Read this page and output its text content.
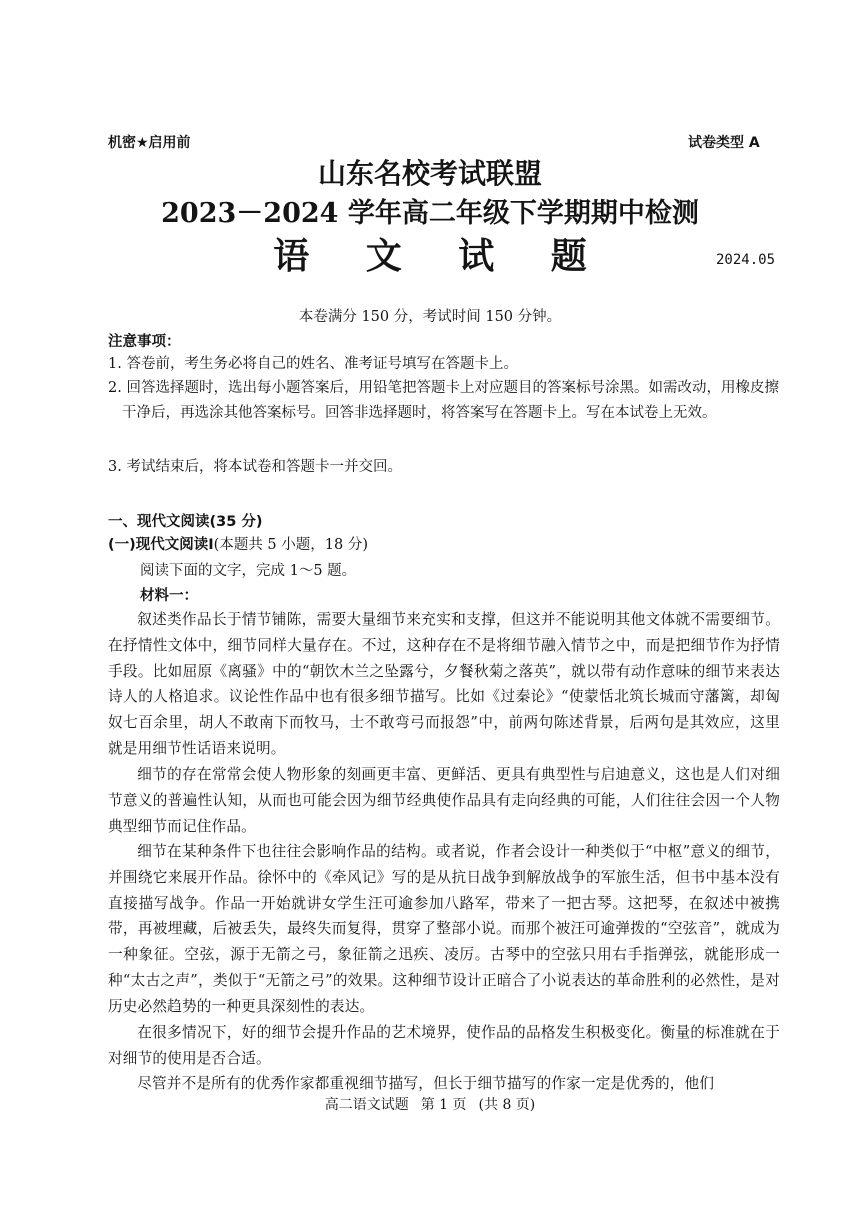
机密★启用前	试卷类型 A
山东名校考试联盟
2023－2024 学年高二年级下学期期中检测
语 文 试 题	2024.05
本卷满分 150 分，考试时间 150 分钟。
注意事项：
1. 答卷前，考生务必将自己的姓名、准考证号填写在答题卡上。
2. 回答选择题时，选出每小题答案后，用铅笔把答题卡上对应题目的答案标号涂黑。如需改动，用橡皮擦干净后，再选涂其他答案标号。回答非选择题时，将答案写在答题卡上。写在本试卷上无效。
3. 考试结束后，将本试卷和答题卡一并交回。
一、现代文阅读(35 分)
(一)现代文阅读Ⅰ(本题共 5 小题，18 分)
阅读下面的文字，完成 1～5 题。
材料一：
叙述类作品长于情节铺陈，需要大量细节来充实和支撑，但这并不能说明其他文体就不需要细节。在抒情性文体中，细节同样大量存在。不过，这种存在不是将细节融入情节之中，而是把细节作为抒情手段。比如屈原《离骚》中的“朝饮木兰之坠露兮，夕餐秋菊之落英”，就以带有动作意味的细节来表达诗人的人格追求。议论性作品中也有很多细节描写。比如《过秦论》“使蒙恬北筑长城而守藩篱，却匈奴七百余里，胡人不敢南下而牧马，士不敢弯弓而报怨”中，前两句陈述背景，后两句是其效应，这里就是用细节性话语来说明。
细节的存在常常会使人物形象的刻画更丰富、更鲜活、更具有典型性与启迪意义，这也是人们对细节意义的普遍性认知，从而也可能会因为细节经典使作品具有走向经典的可能，人们往往会因一个人物典型细节而记住作品。
细节在某种条件下也往往会影响作品的结构。或者说，作者会设计一种类似于“中枢”意义的细节，并围绕它来展开作品。徐怀中的《牵风记》写的是从抗日战争到解放战争的军旅生活，但书中基本没有直接描写战争。作品一开始就讲女学生汪可逾参加八路军，带来了一把古琴。这把琴，在叙述中被携带，再被埋藏，后被丢失，最终失而复得，贯穿了整部小说。而那个被汪可逾弹拨的“空弦音”，就成为一种象征。空弦，源于无箭之弓，象征箭之迅疾、凌厉。古琴中的空弦只用右手指弹弦，就能形成一种“太古之声”，类似于“无箭之弓”的效果。这种细节设计正暗合了小说表达的革命胜利的必然性，是对历史必然趋势的一种更具深刻性的表达。
在很多情况下，好的细节会提升作品的艺术境界，使作品的品格发生积极变化。衡量的标准就在于对细节的使用是否合适。
尽管并不是所有的优秀作家都重视细节描写，但长于细节描写的作家一定是优秀的，他们
高二语文试题 第 1 页 (共 8 页)
